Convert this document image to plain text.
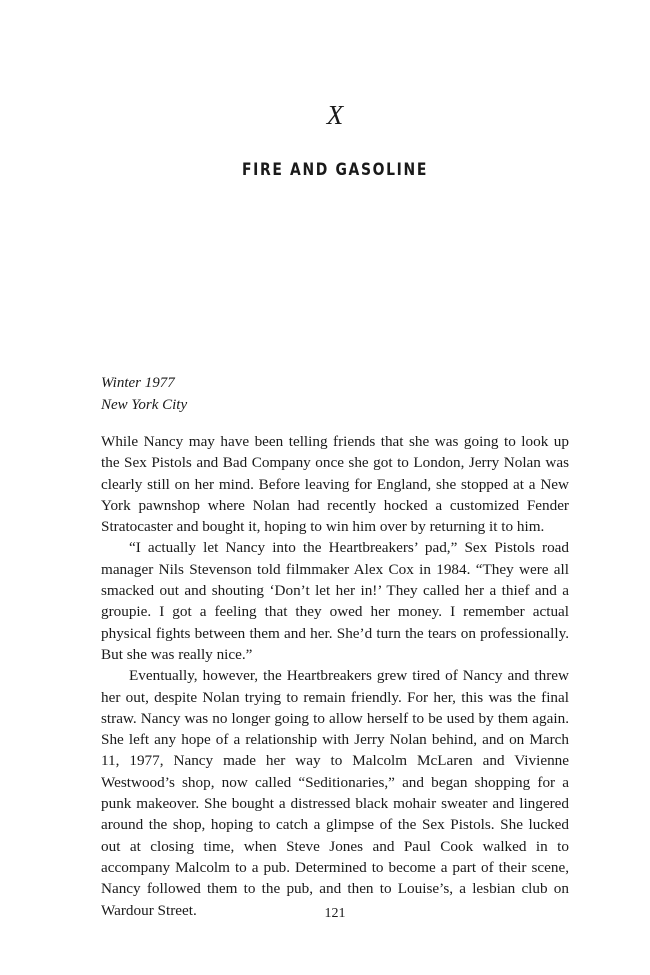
X
FIRE AND GASOLINE
Winter 1977
New York City

While Nancy may have been telling friends that she was going to look up the Sex Pistols and Bad Company once she got to London, Jerry Nolan was clearly still on her mind. Before leaving for England, she stopped at a New York pawnshop where Nolan had recently hocked a customized Fender Stratocaster and bought it, hoping to win him over by returning it to him.

“I actually let Nancy into the Heartbreakers’ pad,” Sex Pistols road manager Nils Stevenson told filmmaker Alex Cox in 1984. “They were all smacked out and shouting ‘Don’t let her in!’ They called her a thief and a groupie. I got a feeling that they owed her money. I remember actual physical fights between them and her. She’d turn the tears on professionally. But she was really nice.”

Eventually, however, the Heartbreakers grew tired of Nancy and threw her out, despite Nolan trying to remain friendly. For her, this was the final straw. Nancy was no longer going to allow herself to be used by them again. She left any hope of a relationship with Jerry Nolan behind, and on March 11, 1977, Nancy made her way to Malcolm McLaren and Vivienne Westwood’s shop, now called “Seditionaries,” and began shopping for a punk makeover. She bought a distressed black mohair sweater and lingered around the shop, hoping to catch a glimpse of the Sex Pistols. She lucked out at closing time, when Steve Jones and Paul Cook walked in to accompany Malcolm to a pub. Determined to become a part of their scene, Nancy followed them to the pub, and then to Louise’s, a lesbian club on Wardour Street.	121
